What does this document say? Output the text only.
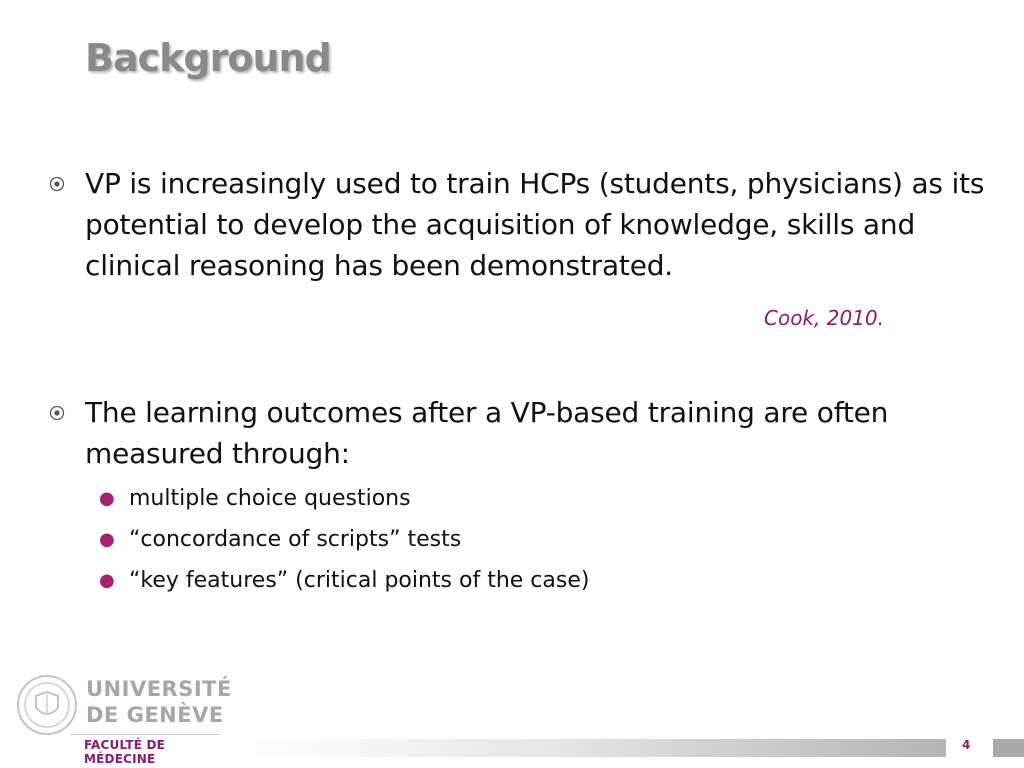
Background
VP is increasingly used to train HCPs (students, physicians) as its potential to develop the acquisition of knowledge, skills and clinical reasoning has been demonstrated.
Cook, 2010.
The learning outcomes after a VP-based training are often measured through:
● multiple choice questions
● “concordance of scripts” tests
● “key features” (critical points of the case)
UNIVERSITÉ
DE GENÈVE
FACULTÉ DE MÉDECINE
4
